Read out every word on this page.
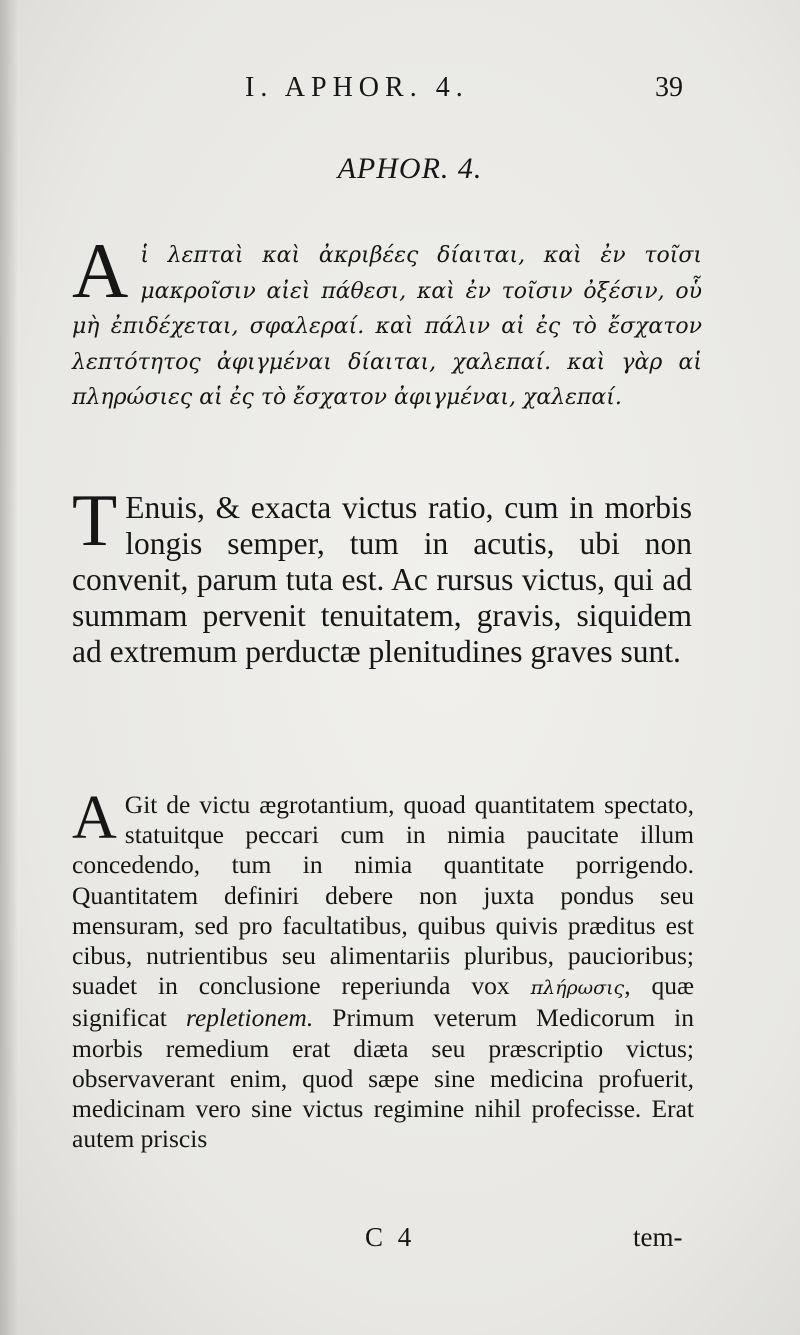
I. APHOR. 4.	39
APHOR. 4.
Aἱ λεπταὶ καὶ ἀκριβέες δίαιται, καὶ ἐν τοῖσι μακροῖσιν αἰεὶ πάθεσι, καὶ ἐν τοῖσιν ὀξέσιν, οὗ μὴ ἐπιδέχεται, σφαλεραί. καὶ πάλιν αἱ ἐς τὸ ἔσχατον λεπτότητος ἀφιγμέναι δίαιται, χαλεπαί. καὶ γὰρ αἱ πληρώσιες αἱ ἐς τὸ ἔσχατον ἀφιγμέναι, χαλεπαί.
T Enuis, & exacta victus ratio, cum in morbis longis semper, tum in acutis, ubi non convenit, parum tuta est. Ac rursus victus, qui ad summam pervenit tenuitatem, gravis, siquidem ad extremum perductæ plenitudines graves sunt.
A Git de victu ægrotantium, quoad quantitatem spectato, statuitque peccari cum in nimia paucitate illum concedendo, tum in nimia quantitate porrigendo. Quantitatem definiri debere non juxta pondus seu mensuram, sed pro facultatibus, quibus quivis præditus est cibus, nutrientibus seu alimentariis pluribus, paucioribus; suadet in conclusione reperiunda vox πλήρωσις, quæ significat repletionem. Primum veterum Medicorum in morbis remedium erat diæta seu præscriptio victus; observaverant enim, quod sæpe sine medicina profuerit, medicinam vero sine victus regimine nihil profecisse. Erat autem priscis
C 4	tem-
